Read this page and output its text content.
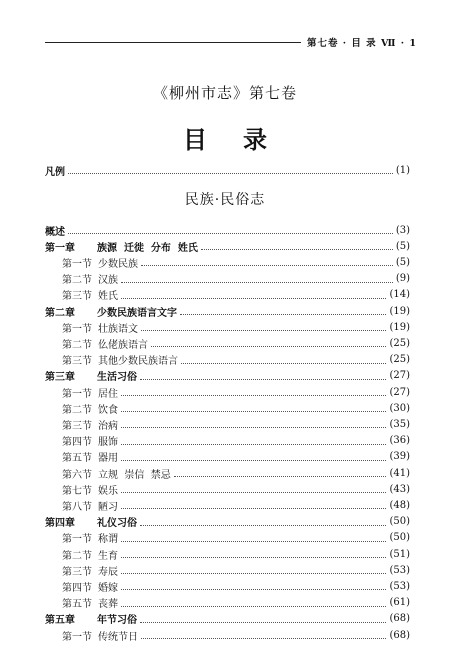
第七卷 · 目 录 Ⅶ · 1
《柳州市志》第七卷
目录
凡例	(1)
民族·民俗志
概述	(3)
第一章 族源  迁徙  分布  姓氏	(5)
第一节 少数民族	(5)
第二节 汉族	(9)
第三节 姓氏	(14)
第二章 少数民族语言文字	(19)
第一节 壮族语文	(19)
第二节 仫佬族语言	(25)
第三节 其他少数民族语言	(25)
第三章 生活习俗	(27)
第一节 居住	(27)
第二节 饮食	(30)
第三节 治病	(35)
第四节 服饰	(36)
第五节 器用	(39)
第六节 立规  崇信  禁忌	(41)
第七节 娱乐	(43)
第八节 陋习	(48)
第四章 礼仪习俗	(50)
第一节 称谓	(50)
第二节 生育	(51)
第三节 寿辰	(53)
第四节 婚嫁	(53)
第五节 丧葬	(61)
第五章 年节习俗	(68)
第一节 传统节日	(68)
